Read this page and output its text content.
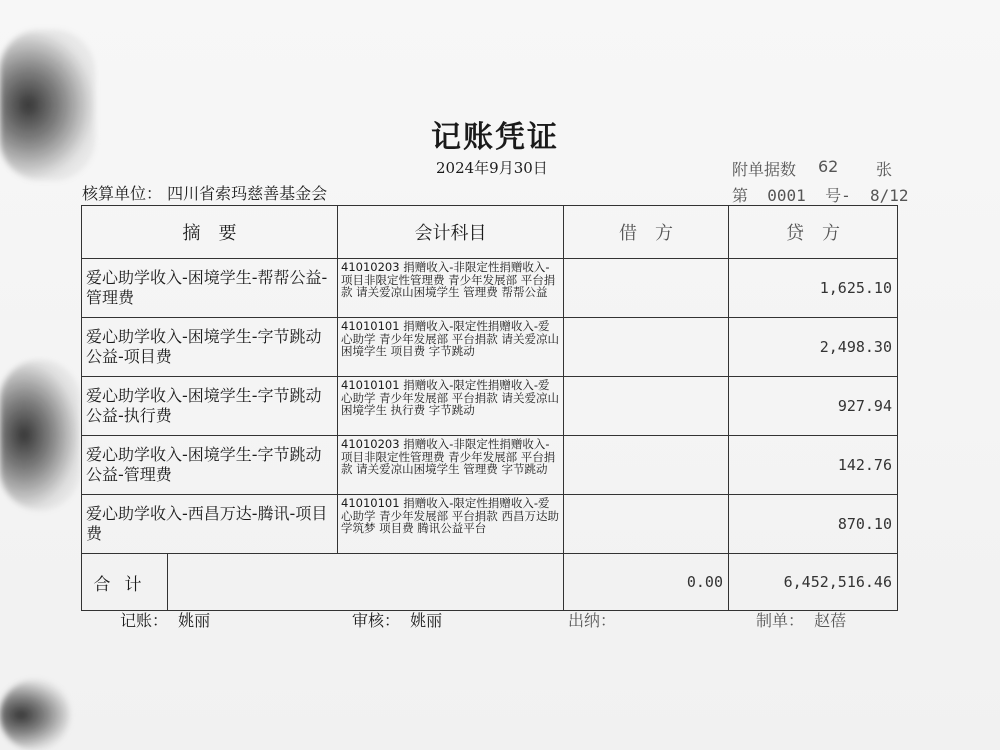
记账凭证
2024年9月30日	附单据数 62 张
核算单位： 四川省索玛慈善基金会	第  0001  号-  8/12
摘　要		会计科目	借　方	贷　方
爱心助学收入-困境学生-帮帮公益-管理费		41010203 捐赠收入-非限定性捐赠收入-项目非限定性管理费 青少年发展部 平台捐款 请关爱凉山困境学生 管理费 帮帮公益		1,625.10
爱心助学收入-困境学生-字节跳动公益-项目费		41010101 捐赠收入-限定性捐赠收入-爱心助学 青少年发展部 平台捐款 请关爱凉山困境学生 项目费 字节跳动		2,498.30
爱心助学收入-困境学生-字节跳动公益-执行费		41010101 捐赠收入-限定性捐赠收入-爱心助学 青少年发展部 平台捐款 请关爱凉山困境学生 执行费 字节跳动		927.94
爱心助学收入-困境学生-字节跳动公益-管理费		41010203 捐赠收入-非限定性捐赠收入-项目非限定性管理费 青少年发展部 平台捐款 请关爱凉山困境学生 管理费 字节跳动		142.76
爱心助学收入-西昌万达-腾讯-项目费		41010101 捐赠收入-限定性捐赠收入-爱心助学 青少年发展部 平台捐款 西昌万达助学筑梦 项目费 腾讯公益平台		870.10
合计			0.00	6,452,516.46
记账：  姚丽	审核：  姚丽	出纳：	制单：  赵蓓
